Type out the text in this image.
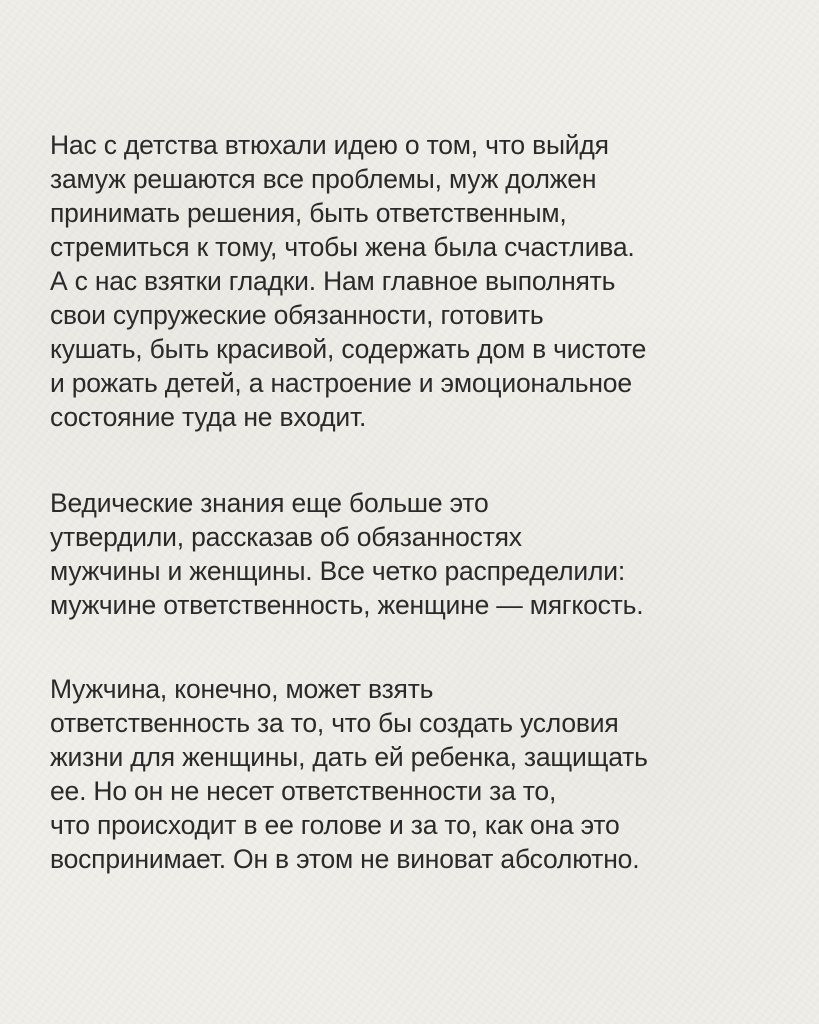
Нас с детства втюхали идею о том, что выйдя
замуж решаются все проблемы, муж должен
принимать решения, быть ответственным,
стремиться к тому, чтобы жена была счастлива.
А с нас взятки гладки. Нам главное выполнять
свои супружеские обязанности, готовить
кушать, быть красивой, содержать дом в чистоте
и рожать детей, а настроение и эмоциональное
состояние туда не входит.

Ведические знания еще больше это
утвердили, рассказав об обязанностях
мужчины и женщины. Все четко распределили:
мужчине ответственность, женщине — мягкость.

Мужчина, конечно, может взять
ответственность за то, что бы создать условия
жизни для женщины, дать ей ребенка, защищать
ее. Но он не несет ответственности за то,
что происходит в ее голове и за то, как она это
воспринимает. Он в этом не виноват абсолютно.
